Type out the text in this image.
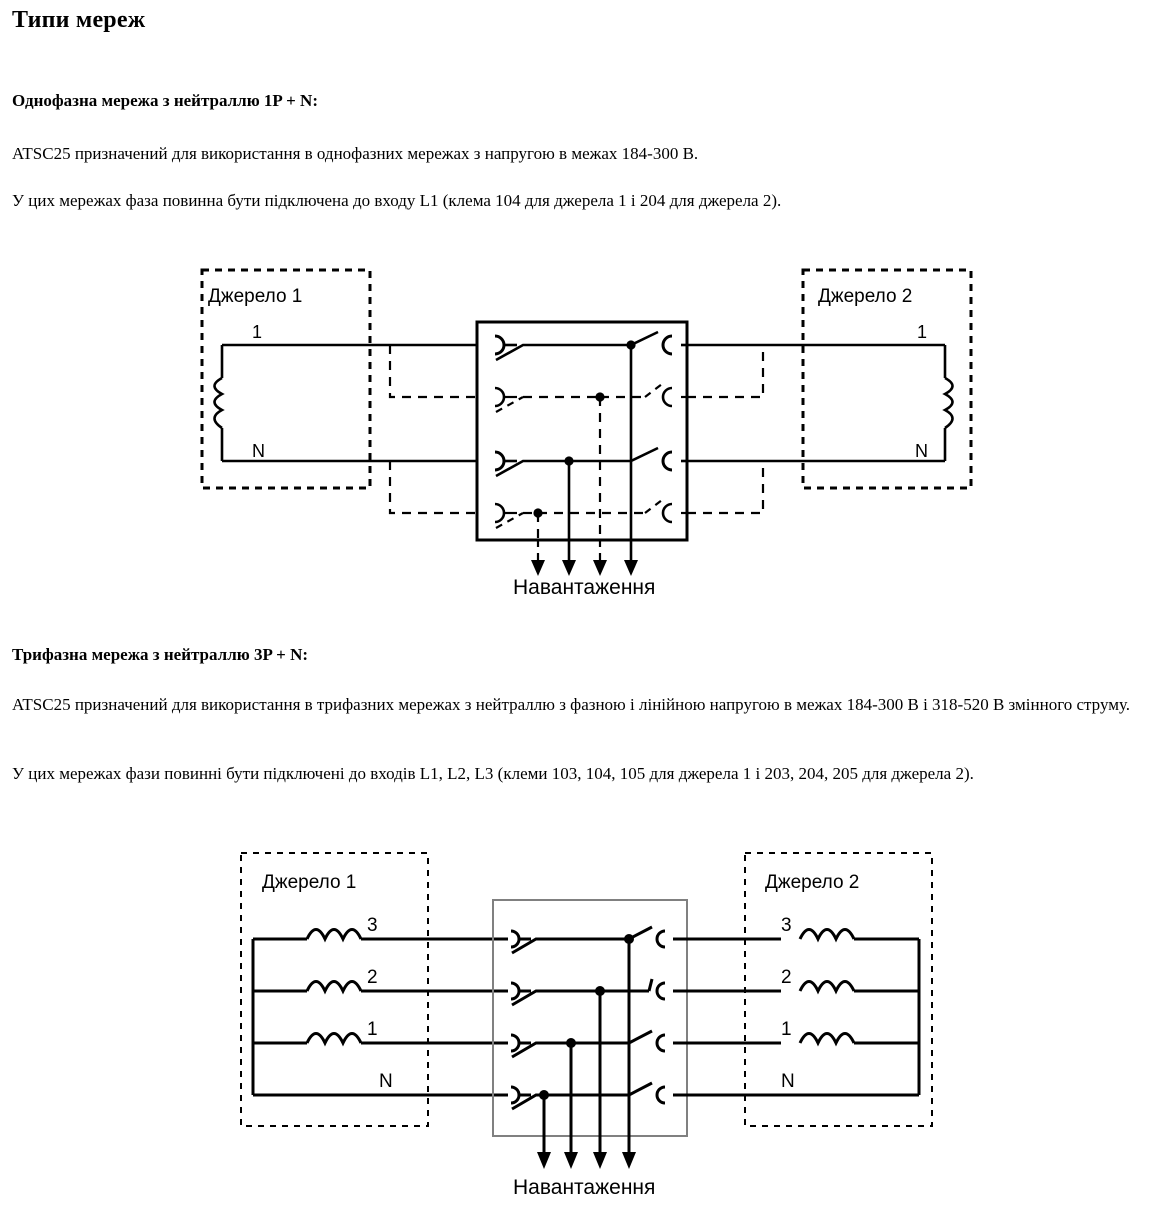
Типи мереж

Однофазна мережа з нейтраллю 1P + N:

ATSC25 призначений для використання в однофазних мережах з напругою в межах 184-300 В.

У цих мережах фаза повинна бути підключена до входу L1 (клема 104 для джерела 1 і 204 для джерела 2).

Джерело 1
1
N
Навантаження
Джерело 2
1
N

Трифазна мережа з нейтраллю 3P + N:

ATSC25 призначений для використання в трифазних мережах з нейтраллю з фазною і лінійною напругою в межах 184-300 В і 318-520 В змінного струму.

У цих мережах фази повинні бути підключені до входів L1, L2, L3 (клеми 103, 104, 105 для джерела 1 і 203, 204, 205 для джерела 2).

Джерело 1
3
2
1
N
Навантаження
Джерело 2
3
2
1
N
